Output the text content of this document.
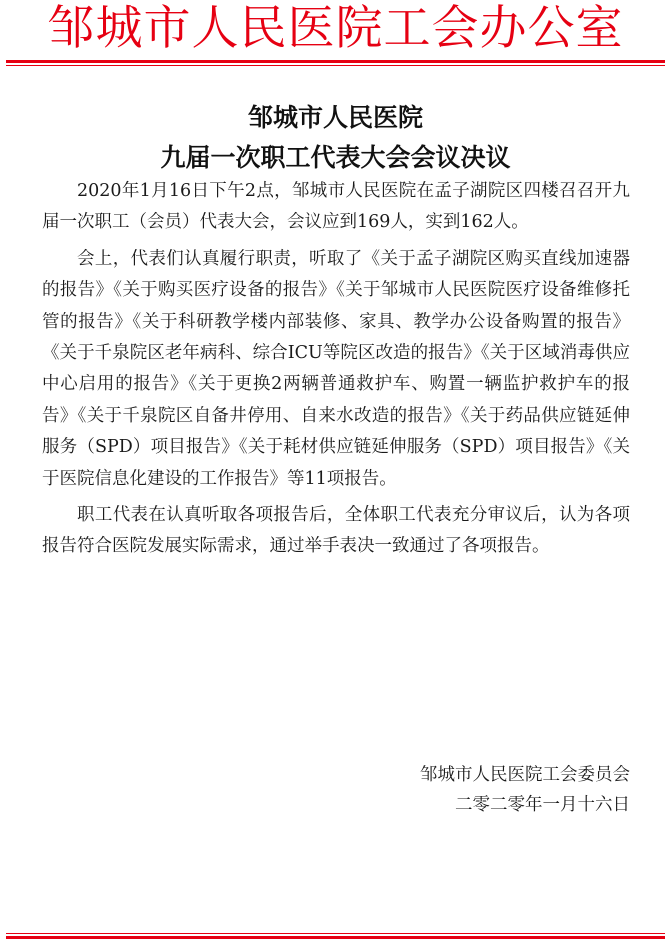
邹城市人民医院工会办公室
邹城市人民医院
九届一次职工代表大会会议决议

2020年1月16日下午2点，邹城市人民医院在孟子湖院区四楼召召开九届一次职工（会员）代表大会，会议应到169人，实到162人。

会上，代表们认真履行职责，听取了《关于孟子湖院区购买直线加速器的报告》《关于购买医疗设备的报告》《关于邹城市人民医院医疗设备维修托管的报告》《关于科研教学楼内部装修、家具、教学办公设备购置的报告》《关于千泉院区老年病科、综合ICU等院区改造的报告》《关于区域消毒供应中心启用的报告》《关于更换2两辆普通救护车、购置一辆监护救护车的报告》《关于千泉院区自备井停用、自来水改造的报告》《关于药品供应链延伸服务（SPD）项目报告》《关于耗材供应链延伸服务（SPD）项目报告》《关于医院信息化建设的工作报告》等11项报告。

职工代表在认真听取各项报告后，全体职工代表充分审议后，认为各项报告符合医院发展实际需求，通过举手表决一致通过了各项报告。

邹城市人民医院工会委员会
二零二零年一月十六日
